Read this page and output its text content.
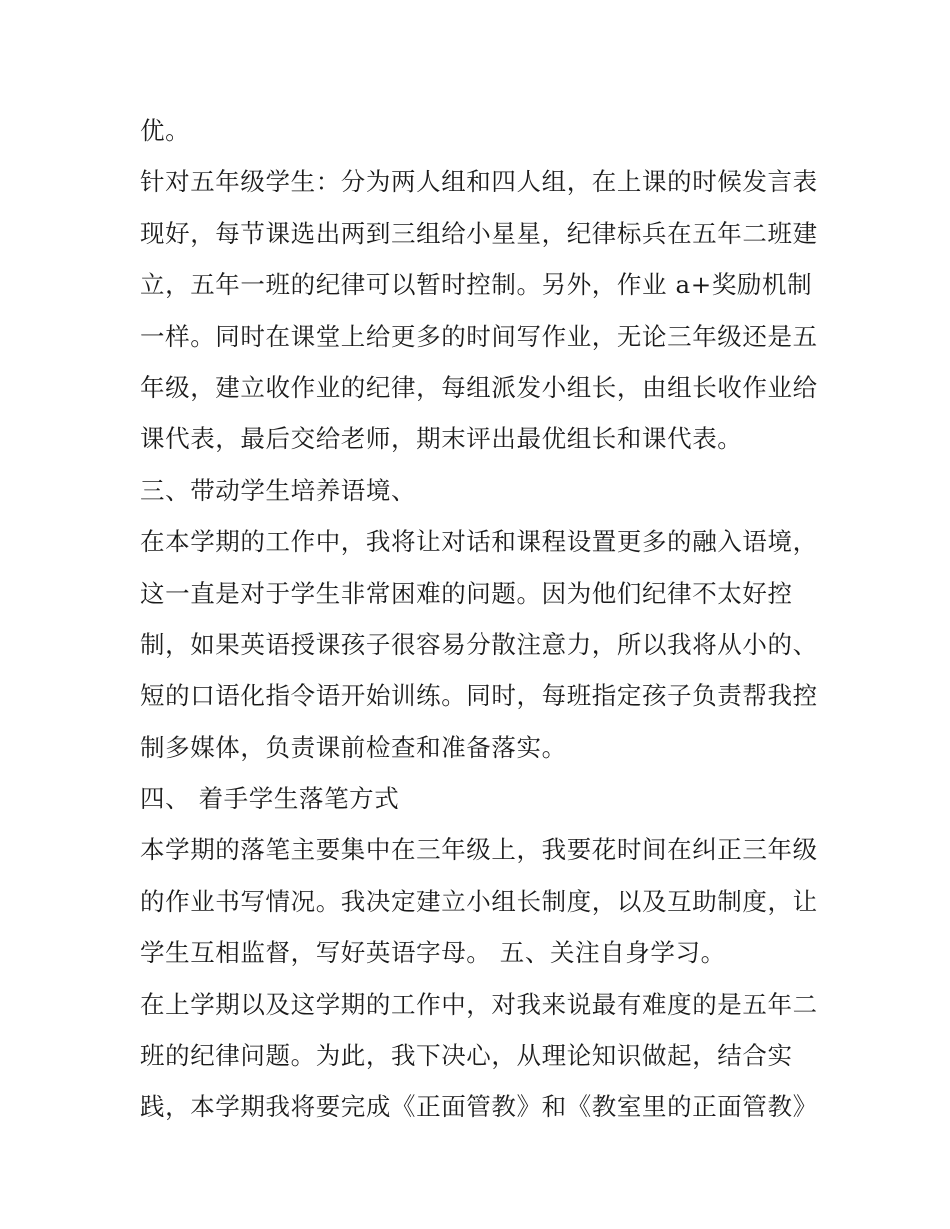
优。
针对五年级学生：分为两人组和四人组，在上课的时候发言表
现好，每节课选出两到三组给小星星，纪律标兵在五年二班建
立，五年一班的纪律可以暂时控制。另外，作业 a+奖励机制
一样。同时在课堂上给更多的时间写作业，无论三年级还是五
年级，建立收作业的纪律，每组派发小组长，由组长收作业给
课代表，最后交给老师，期末评出最优组长和课代表。
三、带动学生培养语境、
在本学期的工作中，我将让对话和课程设置更多的融入语境，
这一直是对于学生非常困难的问题。因为他们纪律不太好控
制，如果英语授课孩子很容易分散注意力，所以我将从小的、
短的口语化指令语开始训练。同时，每班指定孩子负责帮我控
制多媒体，负责课前检查和准备落实。
四、 着手学生落笔方式
本学期的落笔主要集中在三年级上，我要花时间在纠正三年级
的作业书写情况。我决定建立小组长制度，以及互助制度，让
学生互相监督，写好英语字母。 五、关注自身学习。
在上学期以及这学期的工作中，对我来说最有难度的是五年二
班的纪律问题。为此，我下决心，从理论知识做起，结合实
践，本学期我将要完成《正面管教》和《教室里的正面管教》
